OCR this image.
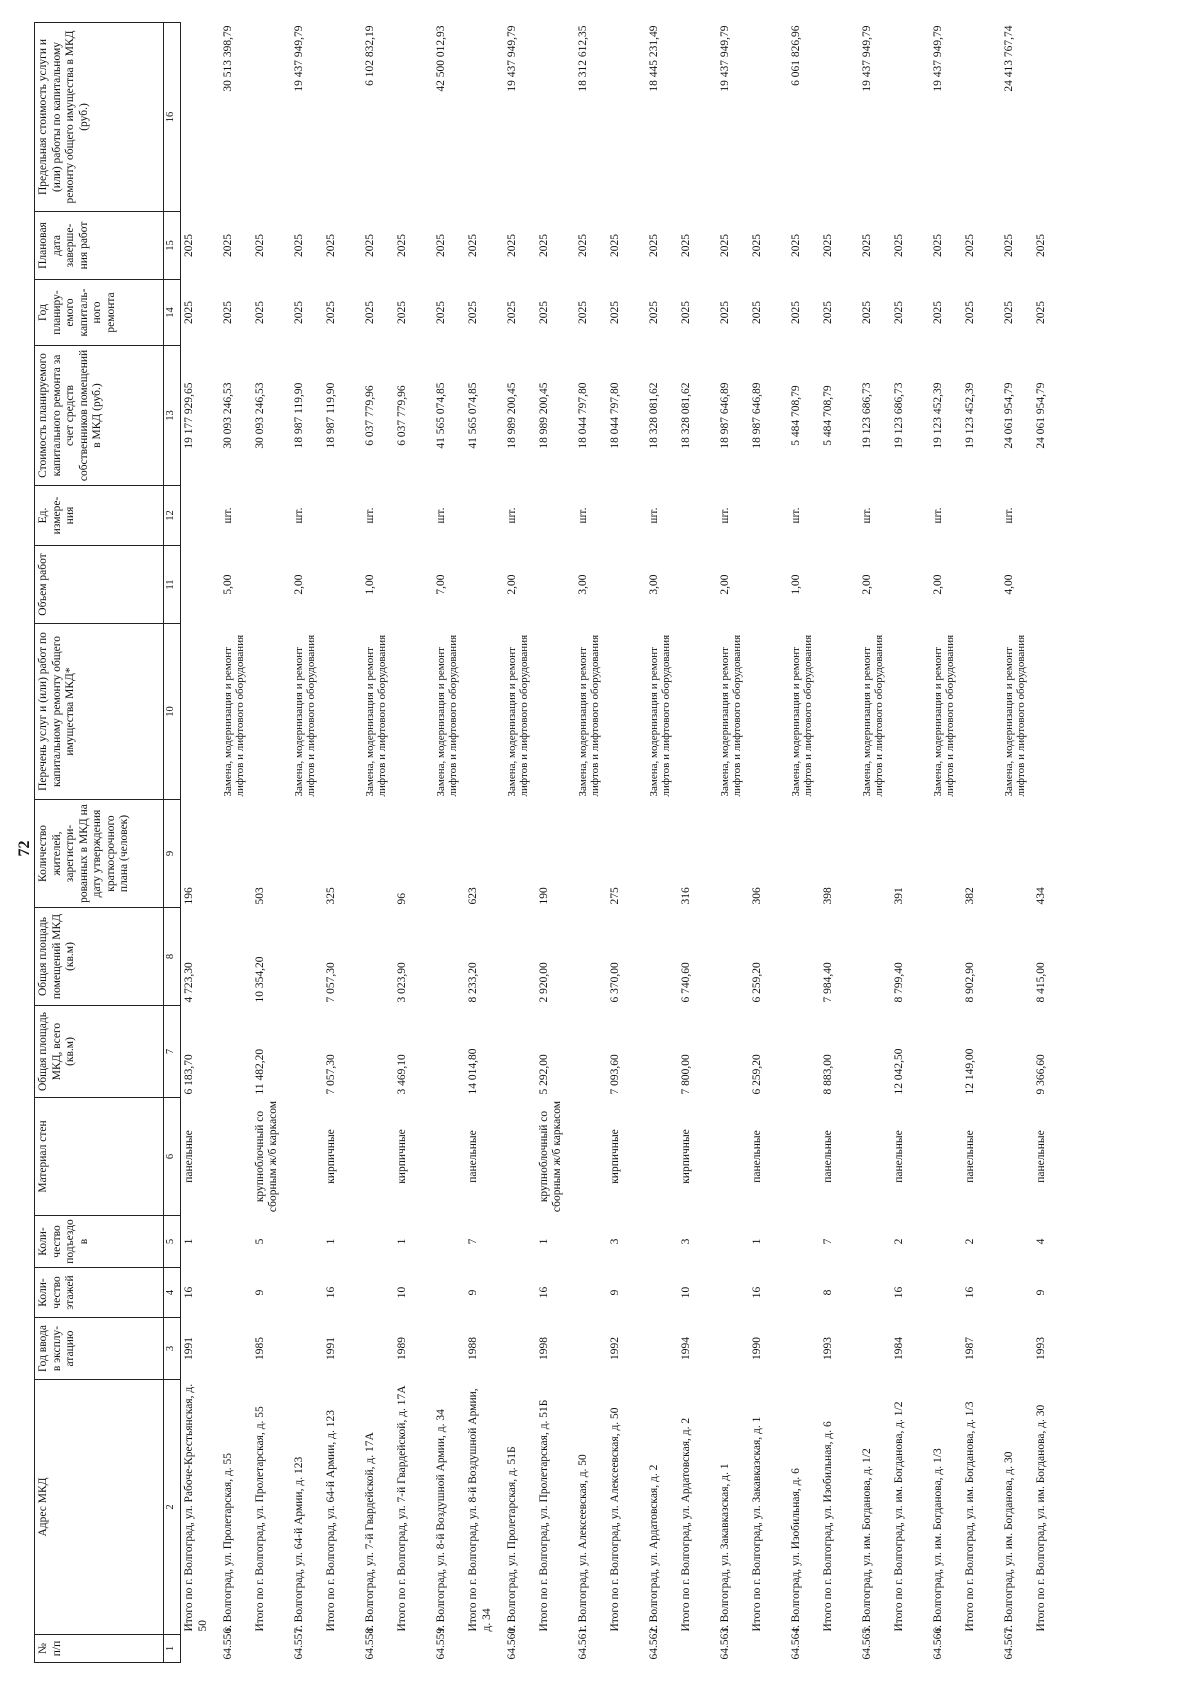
72
№ п/п	Адрес МКД	Год ввода в эксплу-атацию	Коли-чество этажей	Коли-чество подъездо в	Материал стен	Общая площадь МКД, всего (кв.м)	Общая площадь помещений МКД (кв.м)	Количество жителей, зарегистри-рованных в МКД на дату утверждения краткосрочного плана (человек)	Перечень услуг и (или) работ по капитальному ремонту общего имущества МКД*	Объем работ	Ед. измере-ния	Стоимость планируемого капитального ремонта за счет средств собственников помещений в МКД (руб.)	Год планиру-емого капиталь-ного ремонта	Плановая дата заверше-ния работ	Предельная стоимость услуги и (или) работы по капитальному ремонту общего имущества в МКД (руб.)
1	2	3	4	5	6	7	8	9	10	11	12	13	14	15	16
	Итого по г. Волгоград, ул. Рабоче-Крестьянская, д. 50	1991	16	1	панельные	6 183,70	4 723,30	196				19 177 929,65	2025	2025	
64.556.	г. Волгоград, ул. Пролетарская, д. 55								Замена, модернизация и ремонт лифтов и лифтового оборудования	5,00	шт.	30 093 246,53	2025	2025	30 513 398,79
	Итого по г. Волгоград, ул. Пролетарская, д. 55	1985	9	5	крупноблочный со сборным ж/б каркасом	11 482,20	10 354,20	503				30 093 246,53	2025	2025	
64.557.	г. Волгоград, ул. 64-й Армии, д. 123								Замена, модернизация и ремонт лифтов и лифтового оборудования	2,00	шт.	18 987 119,90	2025	2025	19 437 949,79
	Итого по г. Волгоград, ул. 64-й Армии, д. 123	1991	16	1	кирпичные	7 057,30	7 057,30	325				18 987 119,90	2025	2025	
64.558.	г. Волгоград, ул. 7-й Гвардейской, д. 17А								Замена, модернизация и ремонт лифтов и лифтового оборудования	1,00	шт.	6 037 779,96	2025	2025	6 102 832,19
	Итого по г. Волгоград, ул. 7-й Гвардейской, д. 17А	1989	10	1	кирпичные	3 469,10	3 023,90	96				6 037 779,96	2025	2025	
64.559.	г. Волгоград, ул. 8-й Воздушной Армии, д. 34								Замена, модернизация и ремонт лифтов и лифтового оборудования	7,00	шт.	41 565 074,85	2025	2025	42 500 012,93
	Итого по г. Волгоград, ул. 8-й Воздушной Армии, д. 34	1988	9	7	панельные	14 014,80	8 233,20	623				41 565 074,85	2025	2025	
64.560.	г. Волгоград, ул. Пролетарская, д. 51Б								Замена, модернизация и ремонт лифтов и лифтового оборудования	2,00	шт.	18 989 200,45	2025	2025	19 437 949,79
	Итого по г. Волгоград, ул. Пролетарская, д. 51Б	1998	16	1	крупноблочный со сборным ж/б каркасом	5 292,00	2 920,00	190				18 989 200,45	2025	2025	
64.561.	г. Волгоград, ул. Алексеевская, д. 50								Замена, модернизация и ремонт лифтов и лифтового оборудования	3,00	шт.	18 044 797,80	2025	2025	18 312 612,35
	Итого по г. Волгоград, ул. Алексеевская, д. 50	1992	9	3	кирпичные	7 093,60	6 370,00	275				18 044 797,80	2025	2025	
64.562.	г. Волгоград, ул. Ардатовская, д. 2								Замена, модернизация и ремонт лифтов и лифтового оборудования	3,00	шт.	18 328 081,62	2025	2025	18 445 231,49
	Итого по г. Волгоград, ул. Ардатовская, д. 2	1994	10	3	кирпичные	7 800,00	6 740,60	316				18 328 081,62	2025	2025	
64.563.	г. Волгоград, ул. Закавказская, д. 1								Замена, модернизация и ремонт лифтов и лифтового оборудования	2,00	шт.	18 987 646,89	2025	2025	19 437 949,79
	Итого по г. Волгоград, ул. Закавказская, д. 1	1990	16	1	панельные	6 259,20	6 259,20	306				18 987 646,89	2025	2025	
64.564.	г. Волгоград, ул. Изобильная, д. 6								Замена, модернизация и ремонт лифтов и лифтового оборудования	1,00	шт.	5 484 708,79	2025	2025	6 061 826,96
	Итого по г. Волгоград, ул. Изобильная, д. 6	1993	8	7	панельные	8 883,00	7 984,40	398				5 484 708,79	2025	2025	
64.565.	г. Волгоград, ул. им. Богданова, д. 1/2								Замена, модернизация и ремонт лифтов и лифтового оборудования	2,00	шт.	19 123 686,73	2025	2025	19 437 949,79
	Итого по г. Волгоград, ул. им. Богданова, д. 1/2	1984	16	2	панельные	12 042,50	8 799,40	391				19 123 686,73	2025	2025	
64.566.	г. Волгоград, ул. им. Богданова, д. 1/3								Замена, модернизация и ремонт лифтов и лифтового оборудования	2,00	шт.	19 123 452,39	2025	2025	19 437 949,79
	Итого по г. Волгоград, ул. им. Богданова, д. 1/3	1987	16	2	панельные	12 149,00	8 902,90	382				19 123 452,39	2025	2025	
64.567.	г. Волгоград, ул. им. Богданова, д. 30								Замена, модернизация и ремонт лифтов и лифтового оборудования	4,00	шт.	24 061 954,79	2025	2025	24 413 767,74
	Итого по г. Волгоград, ул. им. Богданова, д. 30	1993	9	4	панельные	9 366,60	8 415,00	434				24 061 954,79	2025	2025	
